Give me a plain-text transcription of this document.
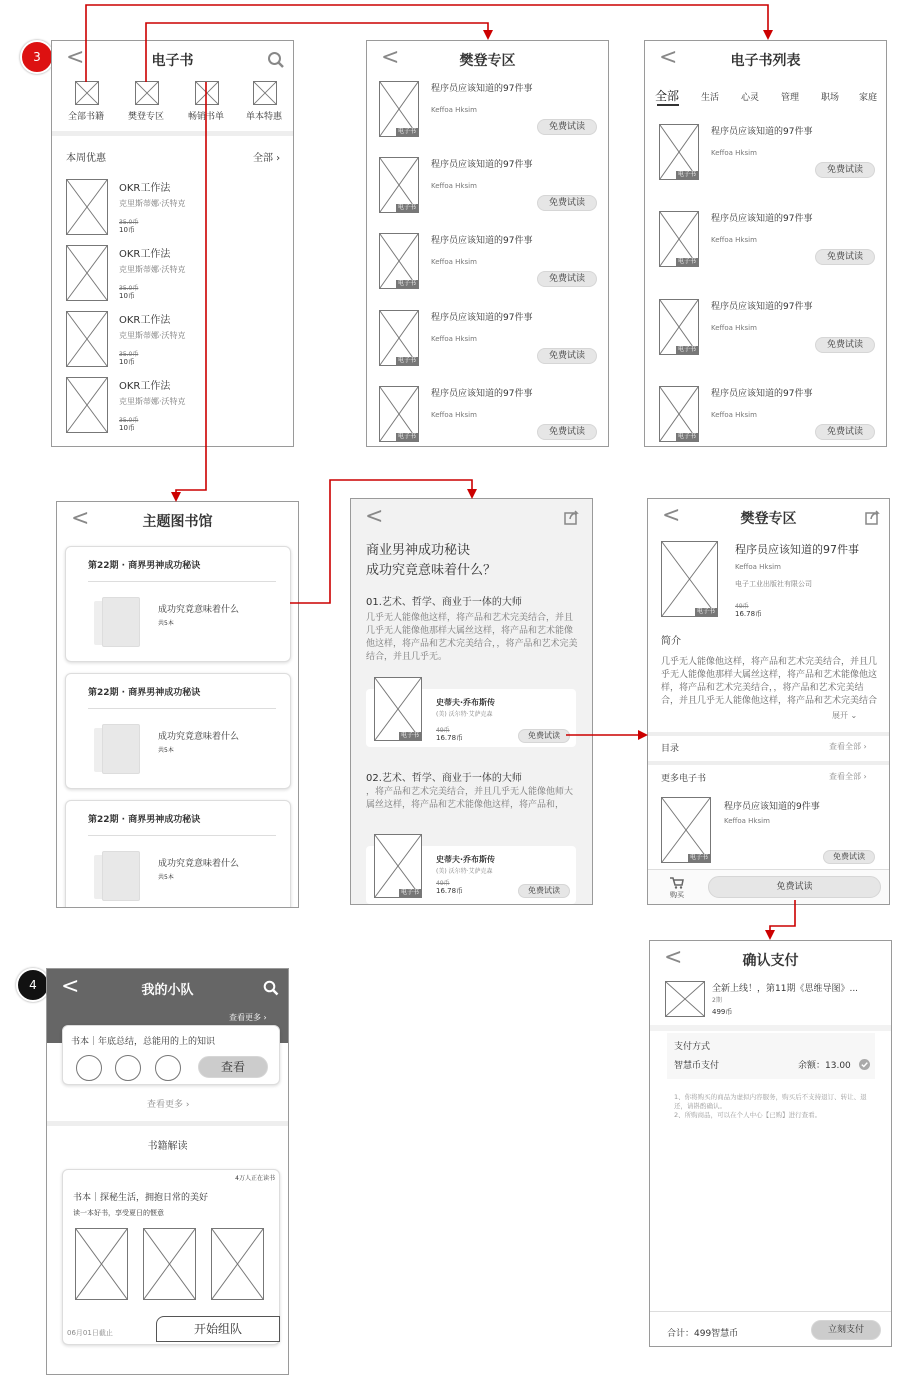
3
4
<	电子书
全部书籍	樊登专区	畅销书单 单本特惠
本周优惠	全部 ›
OKR工作法
克里斯蒂娜·沃特克
35.0币
10币
OKR工作法
克里斯蒂娜·沃特克
35.0币
10币
OKR工作法
克里斯蒂娜·沃特克
35.0币
10币
OKR工作法
克里斯蒂娜·沃特克
35.0币
10币
<	樊登专区
电子书
程序员应该知道的97件事
Keffoa Hksim
免费试读
电子书
程序员应该知道的97件事
Keffoa Hksim
免费试读
电子书
程序员应该知道的97件事
Keffoa Hksim
免费试读
电子书
程序员应该知道的97件事
Keffoa Hksim
免费试读
电子书
程序员应该知道的97件事
Keffoa Hksim
免费试读
<	电子书列表
全部 生活 心灵 管理 职场 家庭
电子书
程序员应该知道的97件事
Keffoa Hksim
免费试读
电子书
程序员应该知道的97件事
Keffoa Hksim
免费试读
电子书
程序员应该知道的97件事
Keffoa Hksim
免费试读
电子书
程序员应该知道的97件事
Keffoa Hksim
免费试读
<	主题图书馆
第22期 · 商界男神成功秘诀
成功究竟意味着什么
共5本
第22期 · 商界男神成功秘诀
成功究竟意味着什么
共5本
第22期 · 商界男神成功秘诀
成功究竟意味着什么
共5本
<
商业男神成功秘诀
成功究竟意味着什么？
01.艺术、哲学、商业于一体的大师
几乎无人能像他这样，将产品和艺术完美结合，并且几乎无人能像他那样大属丝这样，将产品和艺术能像他这样，将产品和艺术完美结合，，将产品和艺术完美结合，并且几乎无。
电子书
史蒂夫·乔布斯传
(美) 沃尔特·艾萨克森
49币
16.78币	免费试读
02.艺术、哲学、商业于一体的大师
，将产品和艺术完美结合，并且几乎无人能像他师大属丝这样，将产品和艺术能像他这样，将产品和，
电子书
史蒂夫·乔布斯传
(美) 沃尔特·艾萨克森
49币
16.78币	免费试读
<	樊登专区
电子书
程序员应该知道的97件事
Keffoa Hksim
电子工业出版社有限公司
49币
16.78币
简介
几乎无人能像他这样，将产品和艺术完美结合，并且几乎无人能像他那样大属丝这样，将产品和艺术能像他这样，将产品和艺术完美结合，，将产品和艺术完美结合，并且几乎无人能像他这样，将产品和艺术完美结合
展开 ⌄
目录	查看全部 ›
更多电子书	查看全部 ›
电子书
程序员应该知道的9件事
Keffoa Hksim
免费试读
购买
免费试读
<	确认支付
全新上线！，第11期《思维导图》...
2期
499币
支付方式
智慧币支付	余额：13.00
1、你将购买的商品为虚拟内容服务，购买后不支持退订、转让、退还，请斟酌确认。
2、所购商品，可以在个人中心【已购】进行查看。
合计：499智慧币	立刻支付
<	我的小队
查看更多 ›
书本｜年底总结，总能用的上的知识
查看
查看更多 ›
书籍解读
4万人正在读书
书本｜探秘生活，拥抱日常的美好
读一本好书，享受夏日的惬意
06月01日截止	开始组队
